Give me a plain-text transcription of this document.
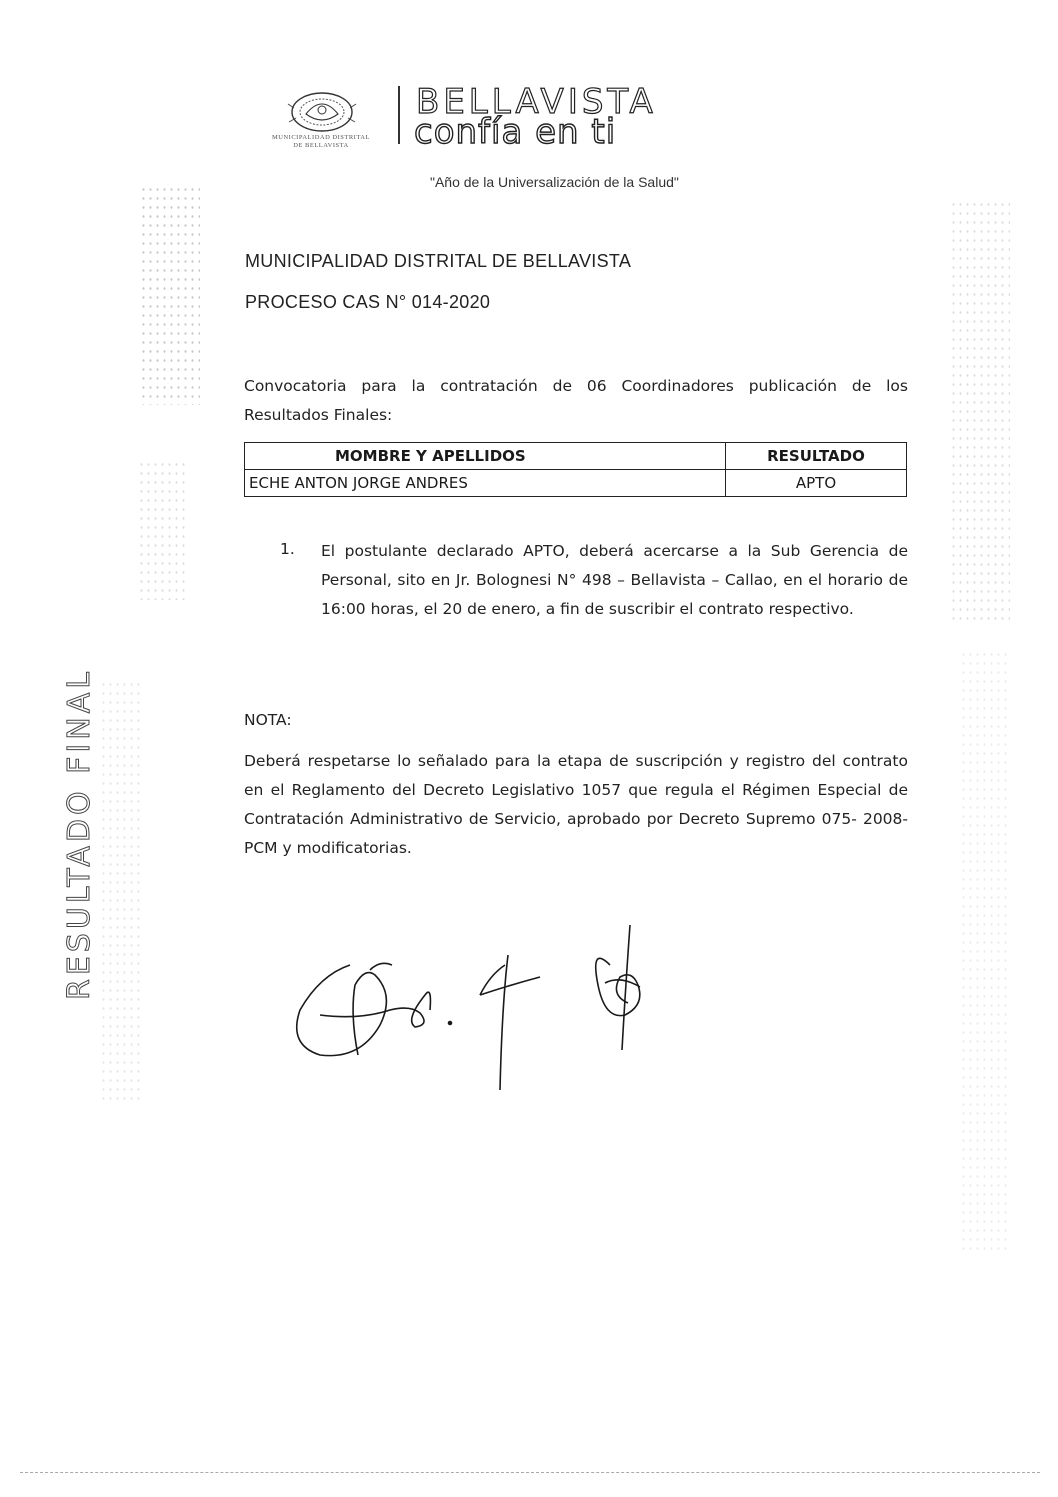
MUNICIPALIDAD DISTRITAL
DE BELLAVISTA
BELLAVISTA
confía en ti
"Año de la Universalización de la Salud"
MUNICIPALIDAD DISTRITAL DE BELLAVISTA
PROCESO CAS N° 014-2020
Convocatoria para la contratación de 06 Coordinadores publicación de los Resultados Finales:
MOMBRE Y APELLIDOS	RESULTADO
ECHE ANTON JORGE ANDRES	APTO
1. El postulante declarado APTO, deberá acercarse a la Sub Gerencia de Personal, sito en Jr. Bolognesi N° 498 – Bellavista – Callao, en el horario de 16:00 horas, el 20 de enero, a fin de suscribir el contrato respectivo.
NOTA:
Deberá respetarse lo señalado para la etapa de suscripción y registro del contrato en el Reglamento del Decreto Legislativo 1057 que regula el Régimen Especial de Contratación Administrativo de Servicio, aprobado por Decreto Supremo 075- 2008-PCM y modificatorias.
RESULTADO FINAL
